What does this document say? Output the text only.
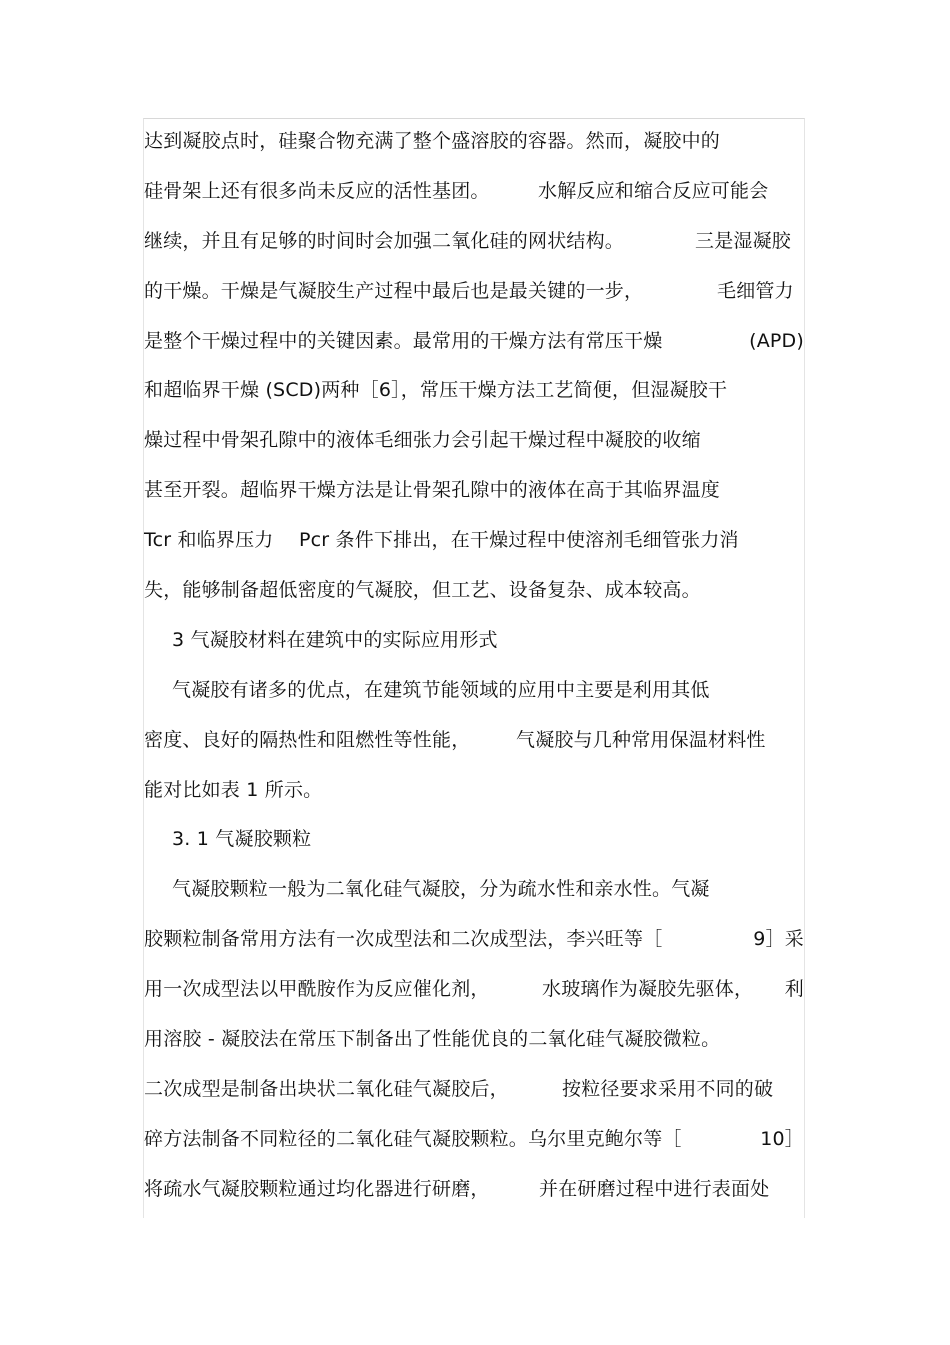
达到凝胶点时，硅聚合物充满了整个盛溶胶的容器。然而，凝胶中的
硅骨架上还有很多尚未反应的活性基团。	水解反应和缩合反应可能会
继续，并且有足够的时间时会加强二氧化硅的网状结构。	三是湿凝胶
的干燥。干燥是气凝胶生产过程中最后也是最关键的一步，	毛细管力
是整个干燥过程中的关键因素。最常用的干燥方法有常压干燥	(APD)
和超临界干燥 (SCD)两种［6］，常压干燥方法工艺简便，但湿凝胶干
燥过程中骨架孔隙中的液体毛细张力会引起干燥过程中凝胶的收缩
甚至开裂。超临界干燥方法是让骨架孔隙中的液体在高于其临界温度
Tcr 和临界压力 Pcr 条件下排出，在干燥过程中使溶剂毛细管张力消
失，能够制备超低密度的气凝胶，但工艺、设备复杂、成本较高。
3 气凝胶材料在建筑中的实际应用形式
气凝胶有诸多的优点，在建筑节能领域的应用中主要是利用其低
密度、良好的隔热性和阻燃性等性能， 气凝胶与几种常用保温材料性
能对比如表 1 所示。
3. 1 气凝胶颗粒
气凝胶颗粒一般为二氧化硅气凝胶，分为疏水性和亲水性。气凝
胶颗粒制备常用方法有一次成型法和二次成型法，李兴旺等［	9］采
用一次成型法以甲酰胺作为反应催化剂，	水玻璃作为凝胶先驱体， 利
用溶胶 - 凝胶法在常压下制备出了性能优良的二氧化硅气凝胶微粒。
二次成型是制备出块状二氧化硅气凝胶后，	按粒径要求采用不同的破
碎方法制备不同粒径的二氧化硅气凝胶颗粒。乌尔里克鲍尔等［	10］
将疏水气凝胶颗粒通过均化器进行研磨，	并在研磨过程中进行表面处
